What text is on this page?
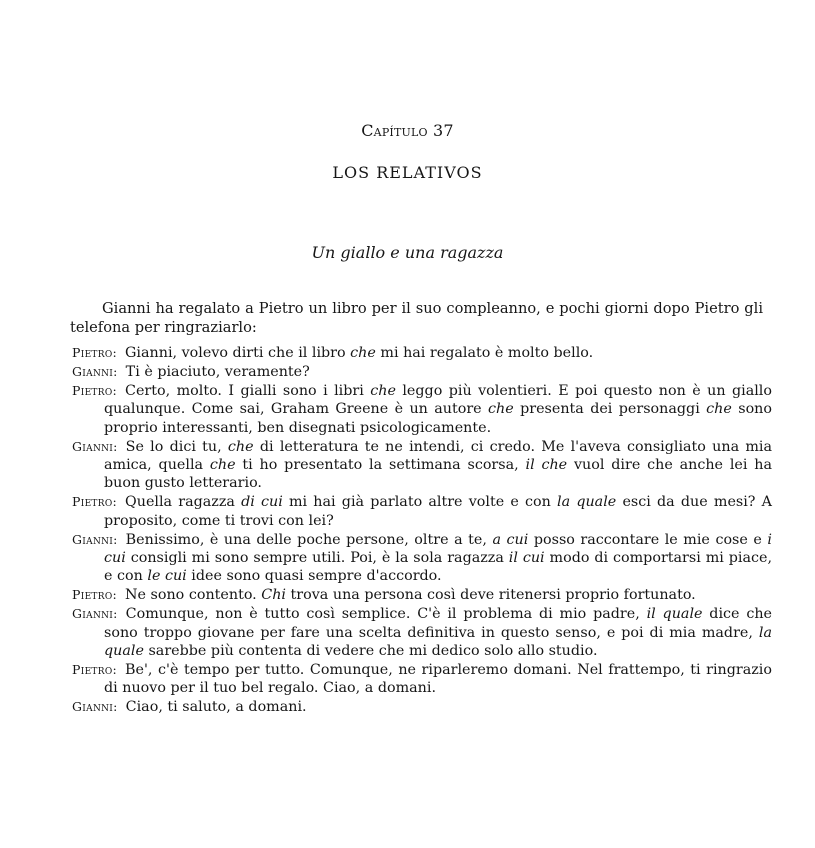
Capítulo 37
LOS RELATIVOS
Un giallo e una ragazza

Gianni ha regalato a Pietro un libro per il suo compleanno, e pochi giorni dopo Pietro gli telefona per ringraziarlo:

Pietro: Gianni, volevo dirti che il libro che mi hai regalato è molto bello.

Gianni: Ti è piaciuto, veramente?

Pietro: Certo, molto. I gialli sono i libri che leggo più volentieri. E poi questo non è un giallo qualunque. Come sai, Graham Greene è un autore che presenta dei personaggi che sono proprio interessanti, ben disegnati psicologicamente.

Gianni: Se lo dici tu, che di letteratura te ne intendi, ci credo. Me l'aveva consigliato una mia amica, quella che ti ho presentato la settimana scorsa, il che vuol dire che anche lei ha buon gusto letterario.

Pietro: Quella ragazza di cui mi hai già parlato altre volte e con la quale esci da due mesi? A proposito, come ti trovi con lei?

Gianni: Benissimo, è una delle poche persone, oltre a te, a cui posso raccontare le mie cose e i cui consigli mi sono sempre utili. Poi, è la sola ragazza il cui modo di comportarsi mi piace, e con le cui idee sono quasi sempre d'accordo.

Pietro: Ne sono contento. Chi trova una persona così deve ritenersi proprio fortunato.

Gianni: Comunque, non è tutto così semplice. C'è il problema di mio padre, il quale dice che sono troppo giovane per fare una scelta definitiva in questo senso, e poi di mia madre, la quale sarebbe più contenta di vedere che mi dedico solo allo studio.

Pietro: Be', c'è tempo per tutto. Comunque, ne riparleremo domani. Nel frattempo, ti ringrazio di nuovo per il tuo bel regalo. Ciao, a domani.

Gianni: Ciao, ti saluto, a domani.
